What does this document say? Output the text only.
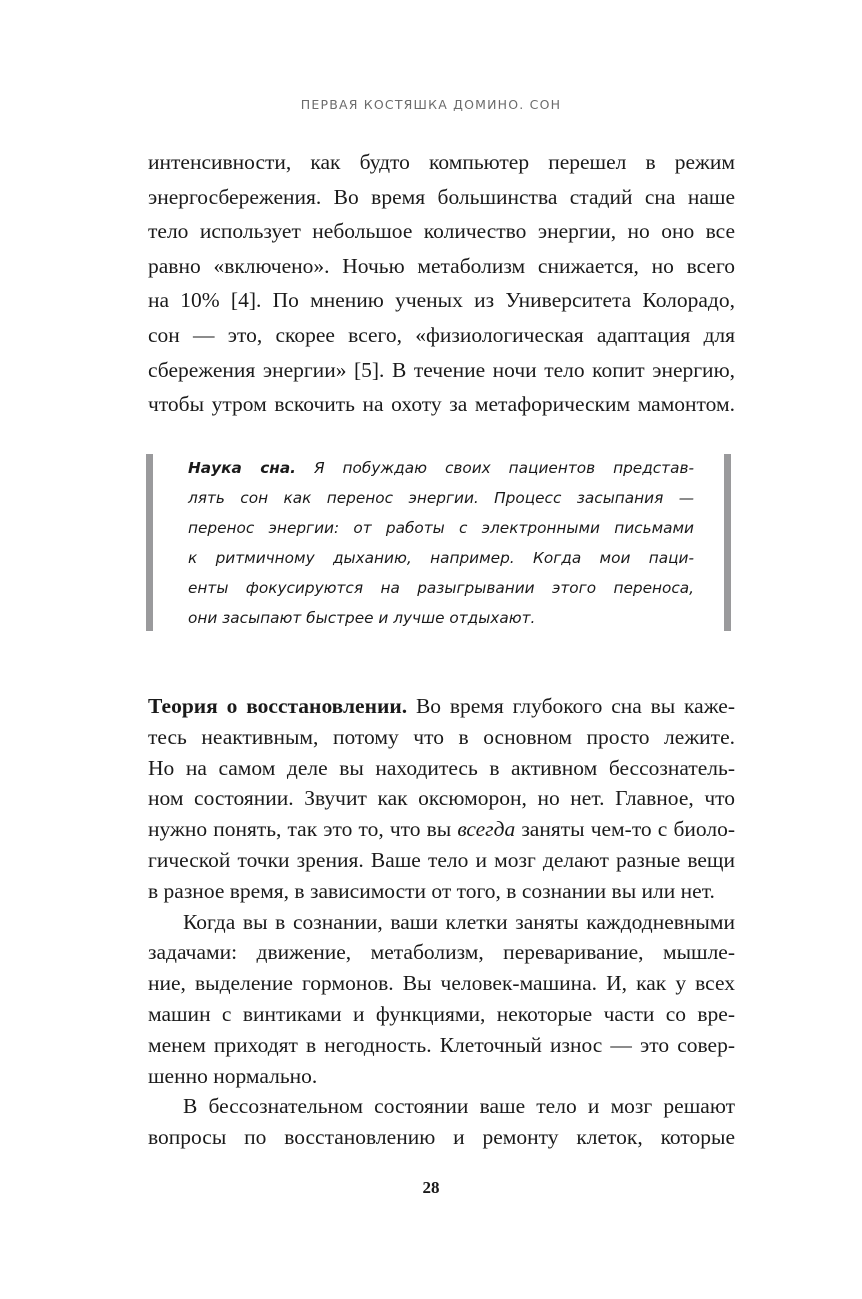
ПЕРВАЯ КОСТЯШКА ДОМИНО. СОН
интенсивности, как будто компьютер перешел в режим
энергосбережения. Во время большинства стадий сна наше
тело использует небольшое количество энергии, но оно все
равно «включено». Ночью метаболизм снижается, но всего
на 10% [4]. По мнению ученых из Университета Колорадо,
сон — это, скорее всего, «физиологическая адаптация для
сбережения энергии» [5]. В течение ночи тело копит энергию,
чтобы утром вскочить на охоту за метафорическим мамонтом.
Наука сна. Я побуждаю своих пациентов представ-
лять сон как перенос энергии. Процесс засыпания —
перенос энергии: от работы с электронными письмами
к ритмичному дыханию, например. Когда мои паци-
енты фокусируются на разыгрывании этого переноса,
они засыпают быстрее и лучше отдыхают.
Теория о восстановлении. Во время глубокого сна вы каже-
тесь неактивным, потому что в основном просто лежите.
Но на самом деле вы находитесь в активном бессознатель-
ном состоянии. Звучит как оксюморон, но нет. Главное, что
нужно понять, так это то, что вы всегда заняты чем-то с биоло-
гической точки зрения. Ваше тело и мозг делают разные вещи
в разное время, в зависимости от того, в сознании вы или нет.
Когда вы в сознании, ваши клетки заняты каждодневными
задачами: движение, метаболизм, переваривание, мышле-
ние, выделение гормонов. Вы человек-машина. И, как у всех
машин с винтиками и функциями, некоторые части со вре-
менем приходят в негодность. Клеточный износ — это совер-
шенно нормально.
В бессознательном состоянии ваше тело и мозг решают
вопросы по восстановлению и ремонту клеток, которые
28
